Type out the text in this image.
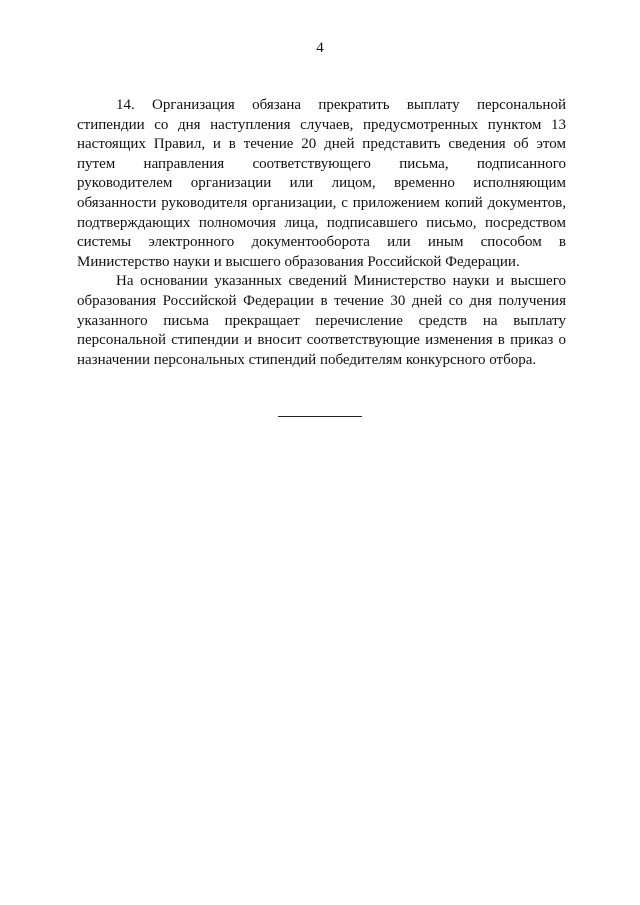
4

14. Организация обязана прекратить выплату персональной стипендии со дня наступления случаев, предусмотренных пунктом 13 настоящих Правил, и в течение 20 дней представить сведения об этом путем направления соответствующего письма, подписанного руководителем организации или лицом, временно исполняющим обязанности руководителя организации, с приложением копий документов, подтверждающих полномочия лица, подписавшего письмо, посредством системы электронного документооборота или иным способом в Министерство науки и высшего образования Российской Федерации.

На основании указанных сведений Министерство науки и высшего образования Российской Федерации в течение 30 дней со дня получения указанного письма прекращает перечисление средств на выплату персональной стипендии и вносит соответствующие изменения в приказ о назначении персональных стипендий победителям конкурсного отбора.
